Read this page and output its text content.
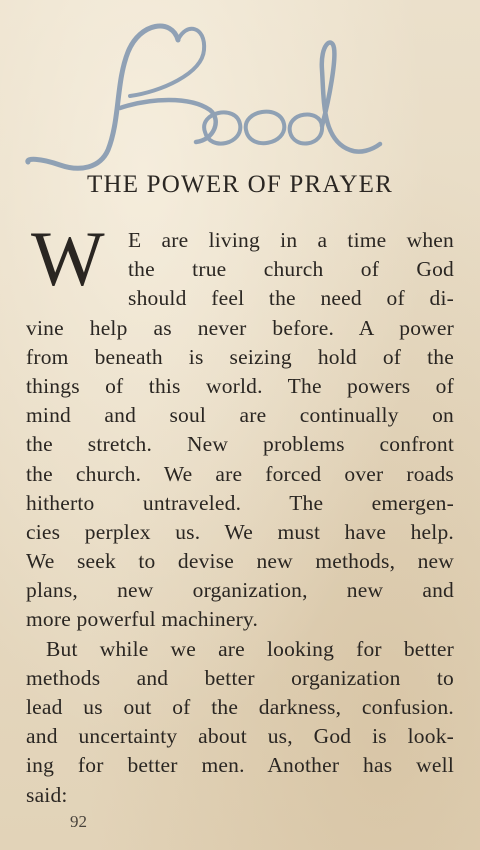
THE POWER OF PRAYER
W	E are living in a time when
the true church of God
should feel the need of di-
vine help as never before. A power
from beneath is seizing hold of the
things of this world. The powers of
mind and soul are continually on
the stretch. New problems confront
the church. We are forced over roads
hitherto untraveled. The emergen-
cies perplex us. We must have help.
We seek to devise new methods, new
plans, new organization, new and
more powerful machinery.
But while we are looking for better
methods and better organization to
lead us out of the darkness, confusion.
and uncertainty about us, God is look-
ing for better men. Another has well
said:
92
